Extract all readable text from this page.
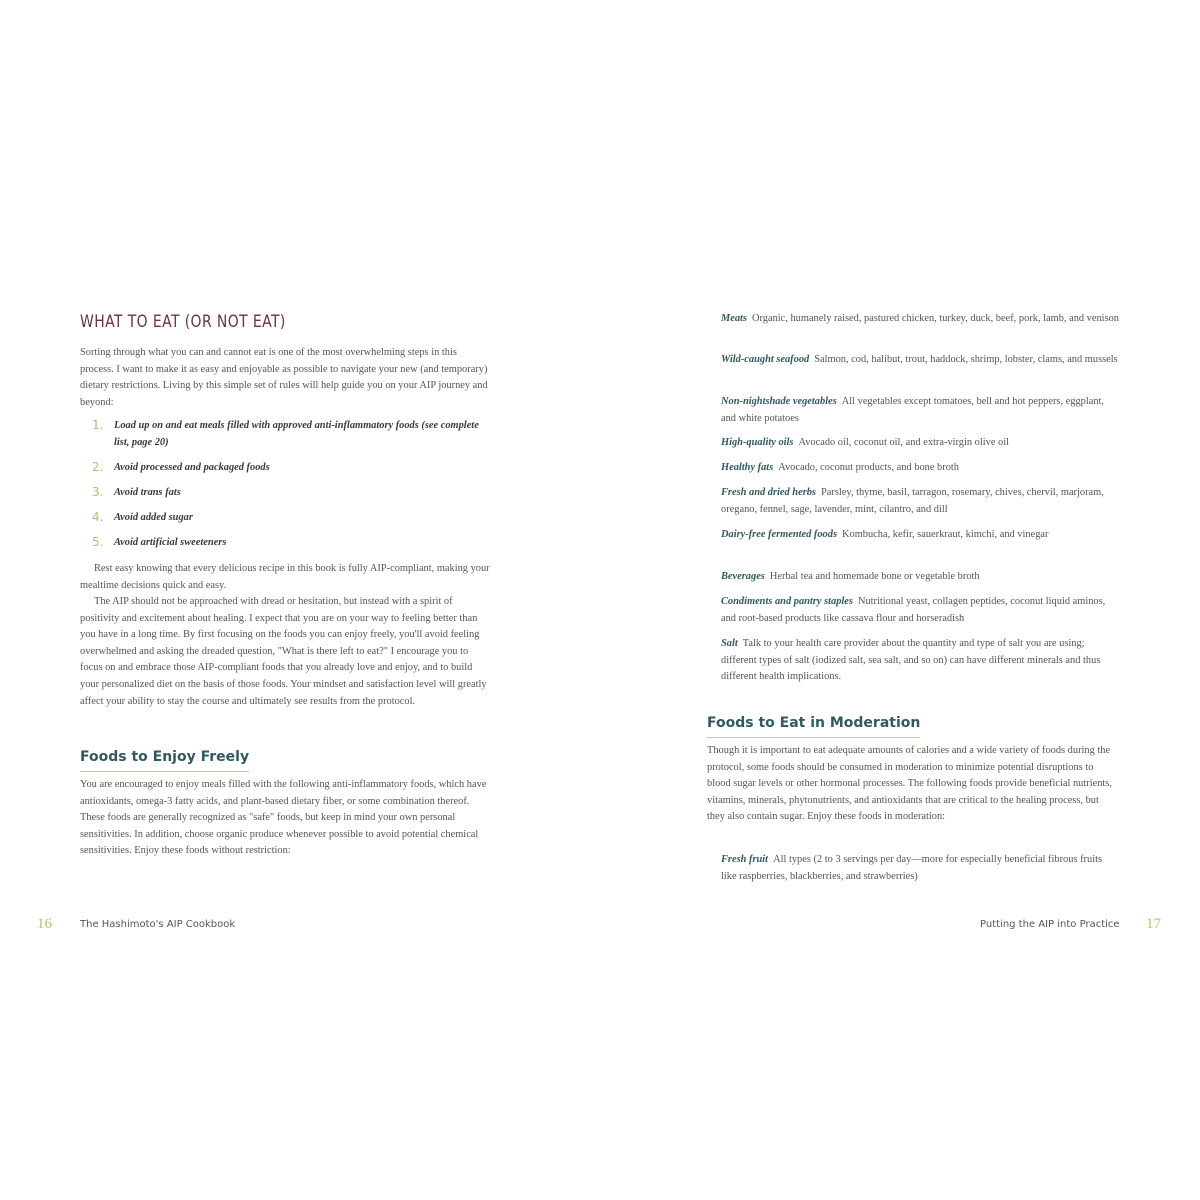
WHAT TO EAT (OR NOT EAT)

Sorting through what you can and cannot eat is one of the most overwhelming steps in this process. I want to make it as easy and enjoyable as possible to navigate your new (and temporary) dietary restrictions. Living by this simple set of rules will help guide you on your AIP journey and beyond:

1. Load up on and eat meals filled with approved anti-inflammatory foods (see complete list, page 20)
2. Avoid processed and packaged foods
3. Avoid trans fats
4. Avoid added sugar
5. Avoid artificial sweeteners

Rest easy knowing that every delicious recipe in this book is fully AIP-compliant, making your mealtime decisions quick and easy.

The AIP should not be approached with dread or hesitation, but instead with a spirit of positivity and excitement about healing. I expect that you are on your way to feeling better than you have in a long time. By first focusing on the foods you can enjoy freely, you'll avoid feeling overwhelmed and asking the dreaded question, "What is there left to eat?" I encourage you to focus on and embrace those AIP-compliant foods that you already love and enjoy, and to build your personalized diet on the basis of those foods. Your mindset and satisfaction level will greatly affect your ability to stay the course and ultimately see results from the protocol.

Foods to Enjoy Freely

You are encouraged to enjoy meals filled with the following anti-inflammatory foods, which have antioxidants, omega-3 fatty acids, and plant-based dietary fiber, or some combination thereof. These foods are generally recognized as "safe" foods, but keep in mind your own personal sensitivities. In addition, choose organic produce whenever possible to avoid potential chemical sensitivities. Enjoy these foods without restriction:

16	The Hashimoto's AIP Cookbook

Meats Organic, humanely raised, pastured chicken, turkey, duck, beef, pork, lamb, and venison

Wild-caught seafood Salmon, cod, halibut, trout, haddock, shrimp, lobster, clams, and mussels

Non-nightshade vegetables All vegetables except tomatoes, bell and hot peppers, eggplant, and white potatoes

High-quality oils Avocado oil, coconut oil, and extra-virgin olive oil

Healthy fats Avocado, coconut products, and bone broth

Fresh and dried herbs Parsley, thyme, basil, tarragon, rosemary, chives, chervil, marjoram, oregano, fennel, sage, lavender, mint, cilantro, and dill

Dairy-free fermented foods Kombucha, kefir, sauerkraut, kimchi, and vinegar

Beverages Herbal tea and homemade bone or vegetable broth

Condiments and pantry staples Nutritional yeast, collagen peptides, coconut liquid aminos, and root-based products like cassava flour and horseradish

Salt Talk to your health care provider about the quantity and type of salt you are using; different types of salt (iodized salt, sea salt, and so on) can have different minerals and thus different health implications.

Foods to Eat in Moderation

Though it is important to eat adequate amounts of calories and a wide variety of foods during the protocol, some foods should be consumed in moderation to minimize potential disruptions to blood sugar levels or other hormonal processes. The following foods provide beneficial nutrients, vitamins, minerals, phytonutrients, and antioxidants that are critical to the healing process, but they also contain sugar. Enjoy these foods in moderation:

Fresh fruit All types (2 to 3 servings per day—more for especially beneficial fibrous fruits like raspberries, blackberries, and strawberries)

Putting the AIP into Practice 17
